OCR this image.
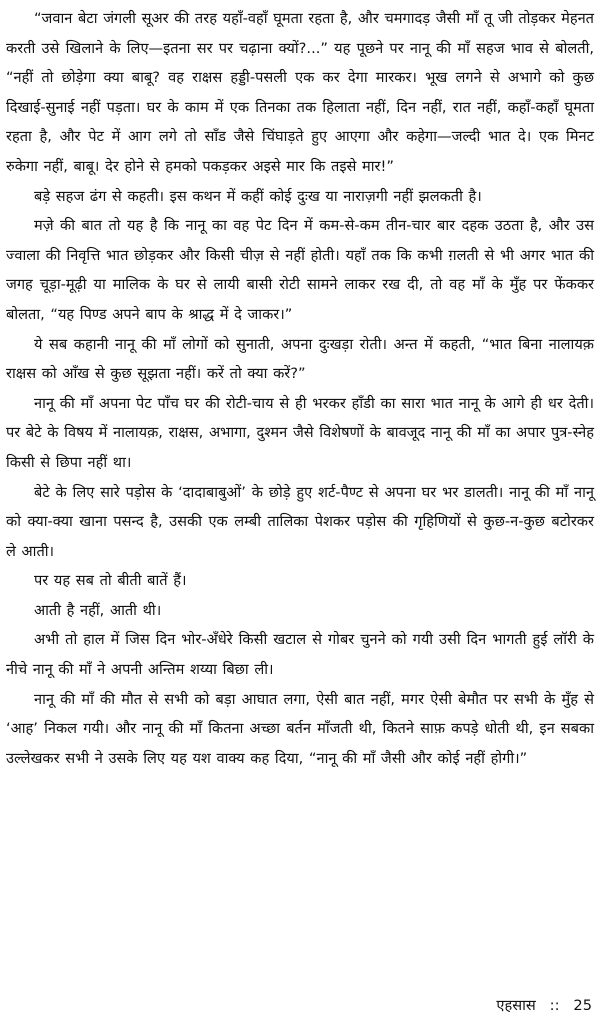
“जवान बेटा जंगली सूअर की तरह यहाँ-वहाँ घूमता रहता है, और चमगादड़ जैसी माँ तू जी तोड़कर मेहनत करती उसे खिलाने के लिए—इतना सर पर चढ़ाना क्यों?...” यह पूछने पर नानू की माँ सहज भाव से बोलती, “नहीं तो छोड़ेगा क्या बाबू? वह राक्षस हड्डी-पसली एक कर देगा मारकर। भूख लगने से अभागे को कुछ दिखाई-सुनाई नहीं पड़ता। घर के काम में एक तिनका तक हिलाता नहीं, दिन नहीं, रात नहीं, कहाँ-कहाँ घूमता रहता है, और पेट में आग लगे तो साँड जैसे चिंघाड़ते हुए आएगा और कहेगा—जल्दी भात दे। एक मिनट रुकेगा नहीं, बाबू। देर होने से हमको पकड़कर अइसे मार कि तइसे मार!”

बड़े सहज ढंग से कहती। इस कथन में कहीं कोई दुःख या नाराज़गी नहीं झलकती है।

मज़े की बात तो यह है कि नानू का वह पेट दिन में कम-से-कम तीन-चार बार दहक उठता है, और उस ज्वाला की निवृत्ति भात छोड़कर और किसी चीज़ से नहीं होती। यहाँ तक कि कभी ग़लती से भी अगर भात की जगह चूड़ा-मूढ़ी या मालिक के घर से लायी बासी रोटी सामने लाकर रख दी, तो वह माँ के मुँह पर फेंककर बोलता, “यह पिण्ड अपने बाप के श्राद्ध में दे जाकर।”

ये सब कहानी नानू की माँ लोगों को सुनाती, अपना दुःखड़ा रोती। अन्त में कहती, “भात बिना नालायक़ राक्षस को आँख से कुछ सूझता नहीं। करें तो क्या करें?”

नानू की माँ अपना पेट पाँच घर की रोटी-चाय से ही भरकर हाँडी का सारा भात नानू के आगे ही धर देती। पर बेटे के विषय में नालायक़, राक्षस, अभागा, दुश्मन जैसे विशेषणों के बावजूद नानू की माँ का अपार पुत्र-स्नेह किसी से छिपा नहीं था।

बेटे के लिए सारे पड़ोस के ‘दादाबाबुओं’ के छोड़े हुए शर्ट-पैण्ट से अपना घर भर डालती। नानू की माँ नानू को क्या-क्या खाना पसन्द है, उसकी एक लम्बी तालिका पेशकर पड़ोस की गृहिणियों से कुछ-न-कुछ बटोरकर ले आती।

पर यह सब तो बीती बातें हैं।

आती है नहीं, आती थी।

अभी तो हाल में जिस दिन भोर-अँधेरे किसी खटाल से गोबर चुनने को गयी उसी दिन भागती हुई लॉरी के नीचे नानू की माँ ने अपनी अन्तिम शय्या बिछा ली।

नानू की माँ की मौत से सभी को बड़ा आघात लगा, ऐसी बात नहीं, मगर ऐसी बेमौत पर सभी के मुँह से ‘आह’ निकल गयी। और नानू की माँ कितना अच्छा बर्तन माँजती थी, कितने साफ़ कपड़े धोती थी, इन सबका उल्लेखकर सभी ने उसके लिए यह यश वाक्य कह दिया, “नानू की माँ जैसी और कोई नहीं होगी।”

एहसास :: 25
